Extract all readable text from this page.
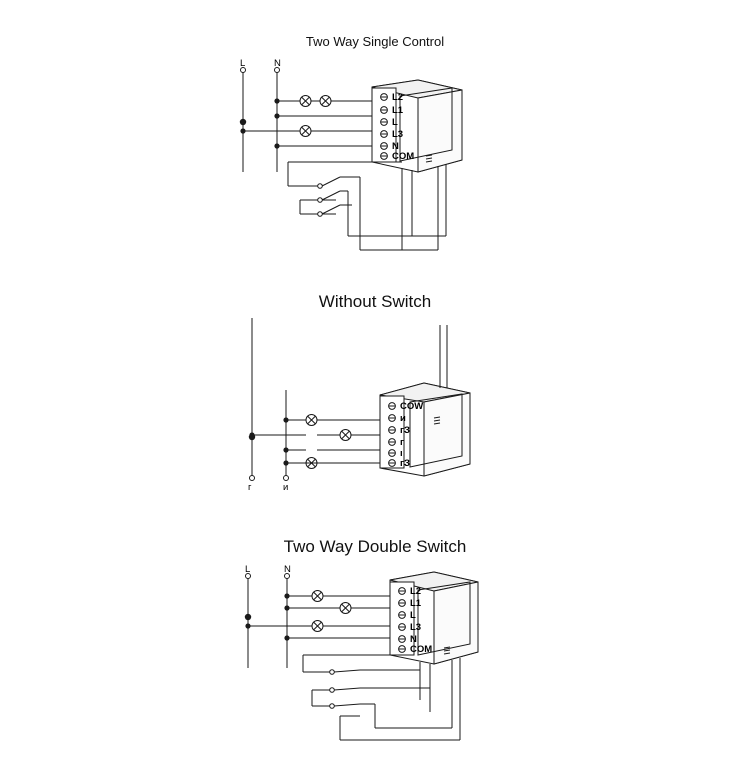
Two Way Single Control
Without Switch
Two Way Double Switch
L	N
L2
L1
L
L3
N
COM
г	и
COW
и
гЗ
г
ı
гЗ
L	N
L2
L1
L
L3
N
COM
